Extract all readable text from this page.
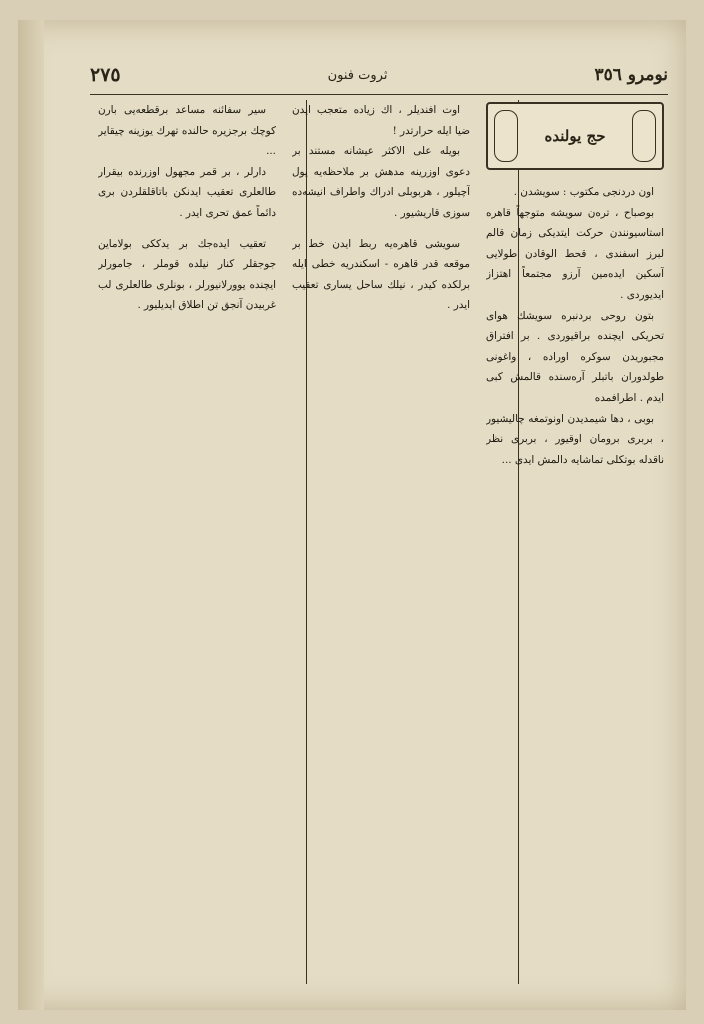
نومرو ٣٥٦
ثروت فنون
٢٧٥
حج يولنده

اون دردنجى مكتوب : سويشدن .

بوصباح ، ترەن سويشە متوجهاً قاهرە استاسيونندن حركت ايتديكى زمان قالم لبرز اسفندى ، قحط الوقادن طولايى آسكين ايدەمين آرزو مجتمعاً اهتزاز ايديوردى .

بتون روحى بردنبرە سويشك هواى تحريكى ايچندە براقيوردى . بر افتراق مجبوريدن سوكرە اورادە ، واغونى طولدوران باتبلر آرەسندە قالمش كبى ايدم . اطرافمدە

بوبى ، دها شيمديدن اونوتمغە چاليشيور ، بربرى برومان اوقيور ، بربرى نظر ناقدلە بوتكلى تماشايە دالمش ايدى ...

اوت افنديلر ، اك زيادە متعجب ايدن ضيا ايلە حرارتدر !

بويلە على الاكثر عيشانە مستند بر دعوى اوزرينە مدهش بر ملاحظەيە يول آچيلور ، هربوبلى ادراك واطراف انيشەدە سوزى قاريشيور .

سويشى قاهرەيە ربط ايدن خط بر موقعە قدر قاهرە - اسكندريە خطى ايلە برلكدە كيدر ، نيلك ساحل يسارى تعقيب ايدر .

سير سفائنە مساعد برقطعەيى بارن كوچك برجزيرە حالندە تهرك يوزينە چيقاير ...

دارلر ، بر قمر مجهول اوزرندە بيقرار طالعلرى تعقيب ايدنكن باتاقلقلردن برى دائماً عمق تحرى ايدر .

تعقيب ايدەجك بر يدككى بولاماين جوجقلر كنار نيلدە قوملر ، جامورلر ايچندە يوورلانيورلر ، بونلرى طالعلرى لب غربيدن آنجق تن اطلاق ايديليور .
